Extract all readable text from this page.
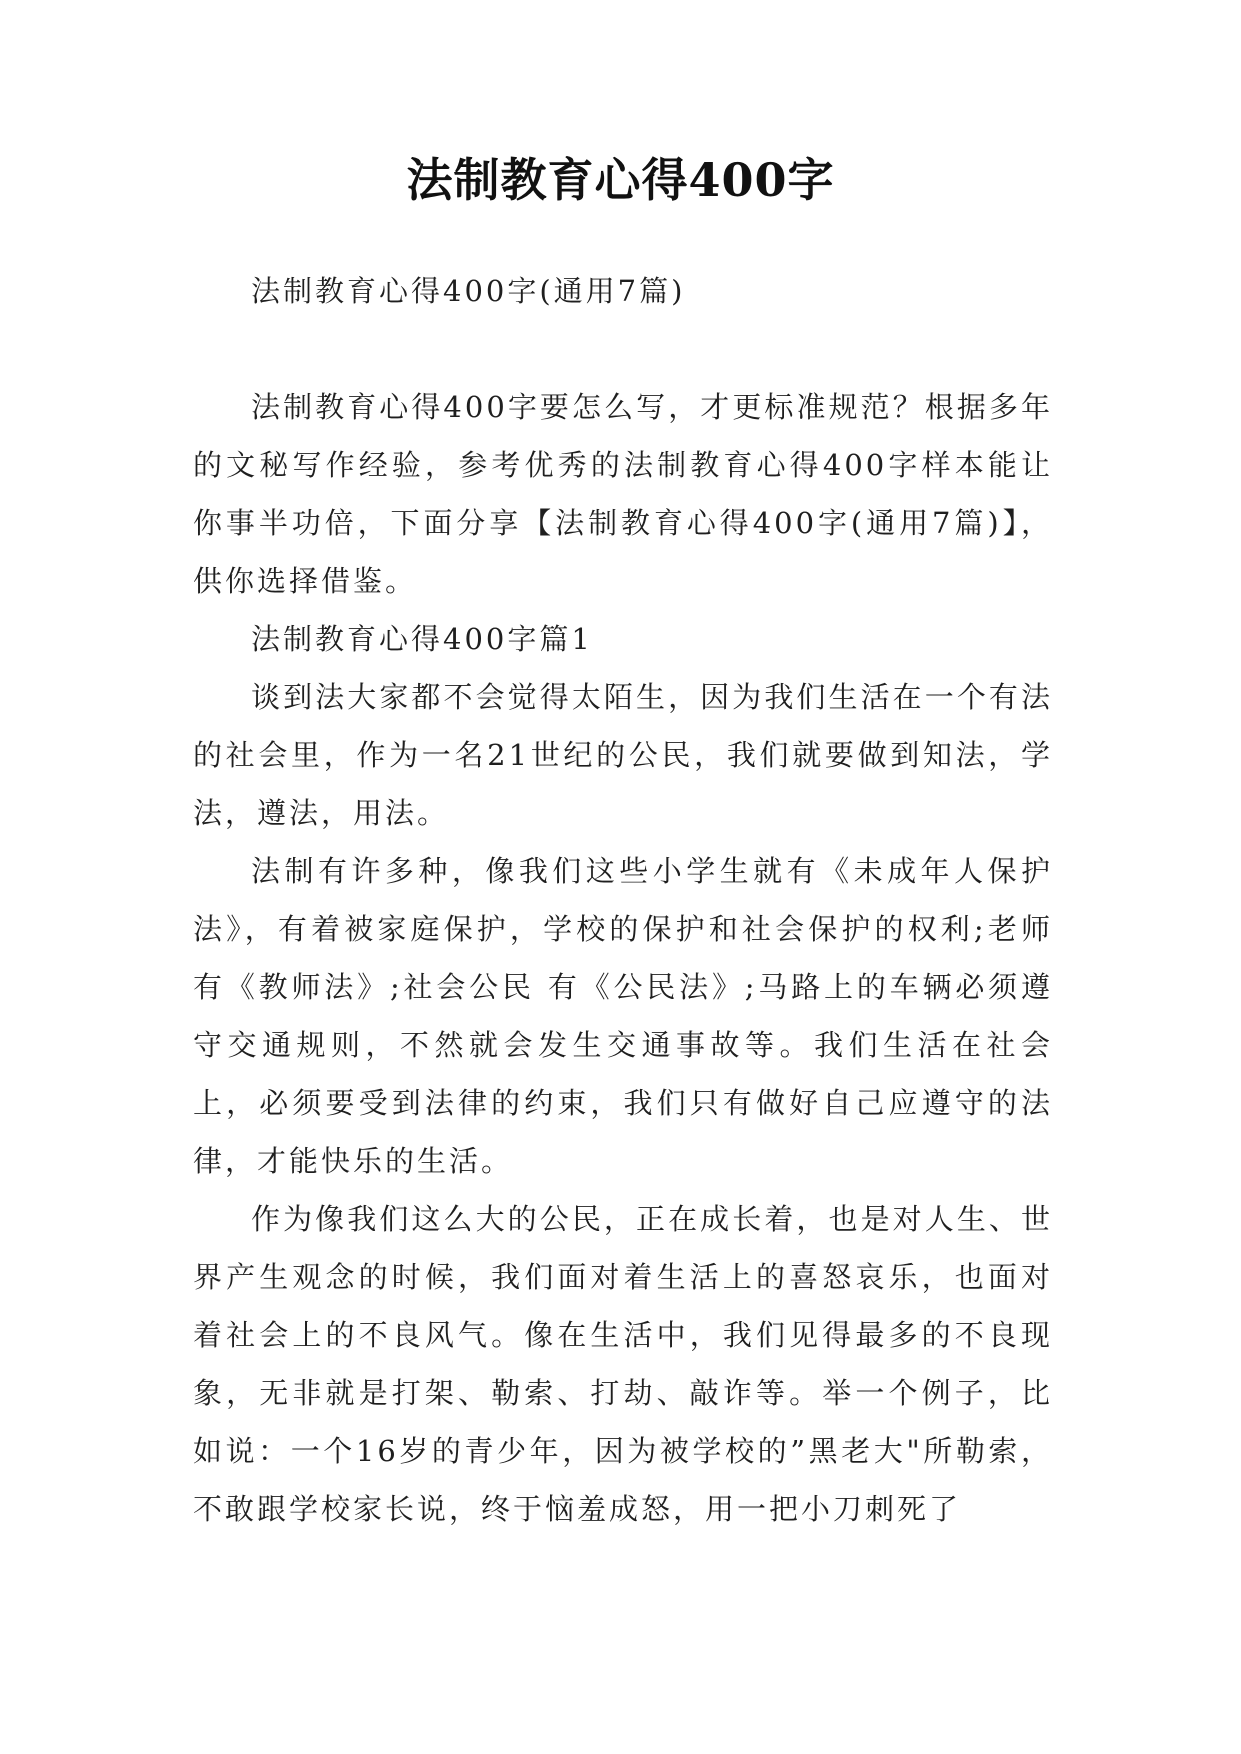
法制教育心得400字

法制教育心得400字(通用7篇)

法制教育心得400字要怎么写，才更标准规范？根据多年的文秘写作经验，参考优秀的法制教育心得400字样本能让你事半功倍，下面分享【法制教育心得400字(通用7篇)】，供你选择借鉴。

法制教育心得400字篇1

谈到法大家都不会觉得太陌生，因为我们生活在一个有法的社会里，作为一名21世纪的公民，我们就要做到知法，学法，遵法，用法。

法制有许多种，像我们这些小学生就有《未成年人保护法》，有着被家庭保护，学校的保护和社会保护的权利;老师有《教师法》;社会公民 有《公民法》;马路上的车辆必须遵守交通规则，不然就会发生交通事故等。我们生活在社会上，必须要受到法律的约束，我们只有做好自己应遵守的法律，才能快乐的生活。

作为像我们这么大的公民，正在成长着，也是对人生、世界产生观念的时候，我们面对着生活上的喜怒哀乐，也面对着社会上的不良风气。像在生活中，我们见得最多的不良现象，无非就是打架、勒索、打劫、敲诈等。举一个例子，比如说：一个16岁的青少年，因为被学校的”黑老大"所勒索，不敢跟学校家长说，终于恼羞成怒，用一把小刀刺死了
